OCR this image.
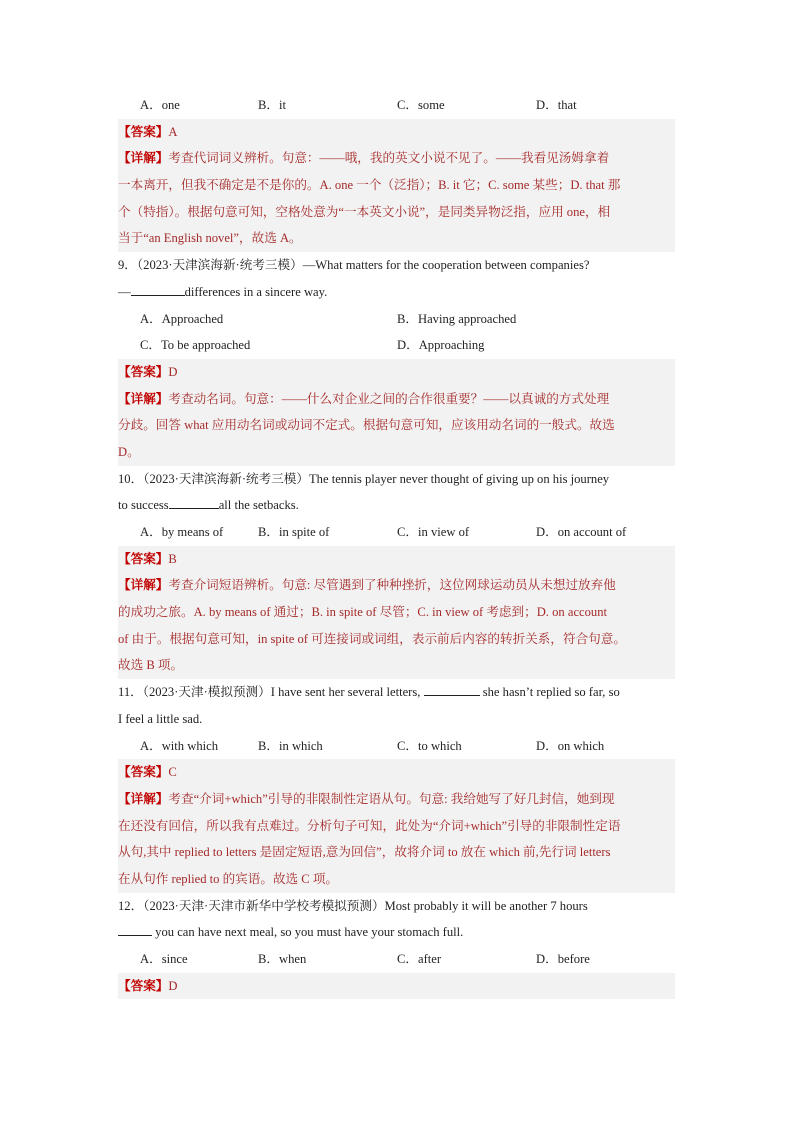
A．one	B．it	C．some	D．that
【答案】A
【详解】考查代词词义辨析。句意：——哦，我的英文小说不见了。——我看见汤姆拿着
一本离开，但我不确定是不是你的。A. one 一个（泛指）；B. it 它；C. some 某些；D. that 那
个（特指）。根据句意可知，空格处意为“一本英文小说”，是同类异物泛指，应用 one，相
当于“an English novel”，故选 A。
9．（2023·天津滨海新·统考三模）—What matters for the cooperation between companies?
—	differences in a sincere way.
A．Approached	B．Having approached
C．To be approached	D．Approaching
【答案】D
【详解】考查动名词。句意：——什么对企业之间的合作很重要？——以真诚的方式处理
分歧。回答 what 应用动名词或动词不定式。根据句意可知，应该用动名词的一般式。故选
D。
10．（2023·天津滨海新·统考三模）The tennis player never thought of giving up on his journey
to success	all the setbacks.
A．by means of	B．in spite of	C．in view of	D．on account of
【答案】B
【详解】考查介词短语辨析。句意: 尽管遇到了种种挫折，这位网球运动员从未想过放弃他
的成功之旅。A. by means of 通过；B. in spite of 尽管；C. in view of 考虑到；D. on account
of 由于。根据句意可知，in spite of 可连接词或词组，表示前后内容的转折关系，符合句意。
故选 B 项。
11．（2023·天津·模拟预测）I have sent her several letters,	she hasn’t replied so far, so
I feel a little sad.
A．with which	B．in which	C．to which	D．on which
【答案】C
【详解】考查“介词+which”引导的非限制性定语从句。句意: 我给她写了好几封信，她到现
在还没有回信，所以我有点难过。分析句子可知，此处为“介词+which”引导的非限制性定语
从句,其中 replied to letters 是固定短语,意为回信”，故将介词 to 放在 which 前,先行词 letters
在从句作 replied to 的宾语。故选 C 项。
12．（2023·天津·天津市新华中学校考模拟预测）Most probably it will be another 7 hours
you can have next meal, so you must have your stomach full.
A．since	B．when	C．after	D．before
【答案】D
